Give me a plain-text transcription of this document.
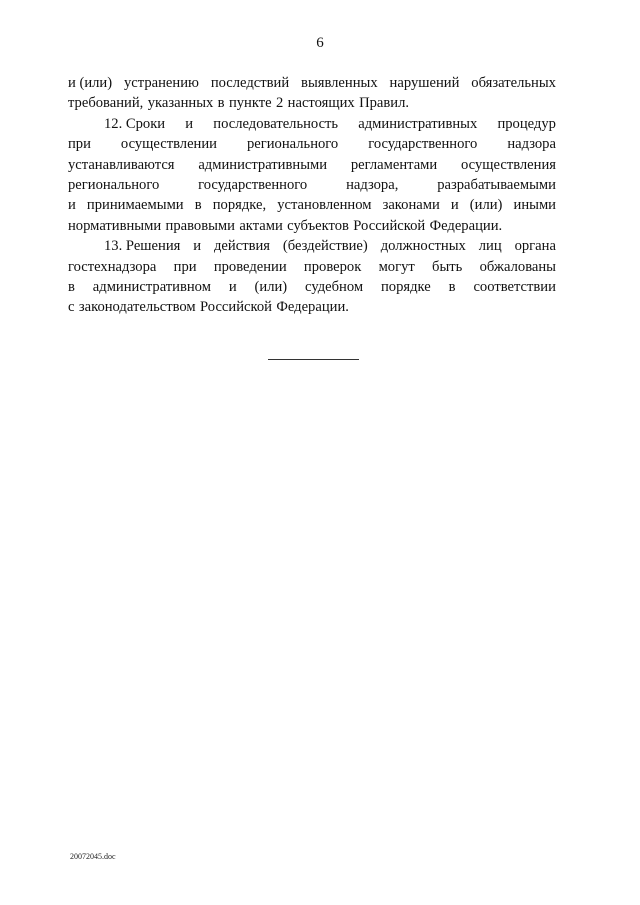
6
и (или) устранению последствий выявленных нарушений обязательных
требований, указанных в пункте 2 настоящих Правил.
12. Сроки и последовательность административных процедур
при осуществлении регионального государственного надзора
устанавливаются административными регламентами осуществления
регионального	государственного	надзора,	разрабатываемыми
и принимаемыми в порядке, установленном законами и (или) иными
нормативными правовыми актами субъектов Российской Федерации.
13. Решения и действия (бездействие) должностных лиц органа
гостехнадзора при проведении проверок могут быть обжалованы
в административном и (или) судебном порядке в соответствии
с законодательством Российской Федерации.
20072045.doc
